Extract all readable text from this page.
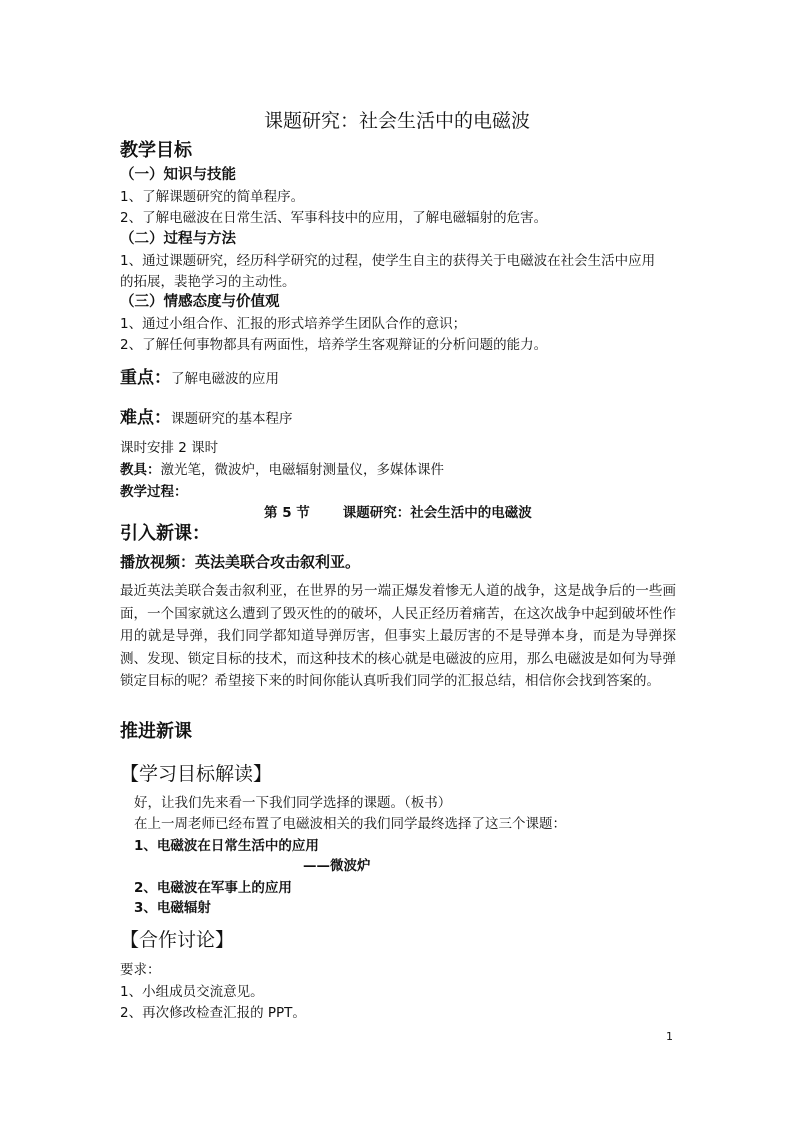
课题研究：社会生活中的电磁波
教学目标
（一）知识与技能
1、了解课题研究的简单程序。
2、了解电磁波在日常生活、军事科技中的应用，了解电磁辐射的危害。
（二）过程与方法
1、通过课题研究，经历科学研究的过程，使学生自主的获得关于电磁波在社会生活中应用
的拓展，裴艳学习的主动性。
（三）情感态度与价值观
1、通过小组合作、汇报的形式培养学生团队合作的意识；
2、了解任何事物都具有两面性，培养学生客观辩证的分析问题的能力。
重点：了解电磁波的应用
难点：课题研究的基本程序
课时安排 2 课时
教具：激光笔，微波炉，电磁辐射测量仪，多媒体课件
教学过程：
第 5 节       课题研究：社会生活中的电磁波
引入新课：
播放视频：英法美联合攻击叙利亚。
最近英法美联合轰击叙利亚，在世界的另一端正爆发着惨无人道的战争，这是战争后的一些画面，一个国家就这么遭到了毁灭性的的破坏，人民正经历着痛苦，在这次战争中起到破坏性作用的就是导弹，我们同学都知道导弹厉害，但事实上最厉害的不是导弹本身，而是为导弹探测、发现、锁定目标的技术，而这种技术的核心就是电磁波的应用，那么电磁波是如何为导弹锁定目标的呢？希望接下来的时间你能认真听我们同学的汇报总结，相信你会找到答案的。
推进新课
【学习目标解读】
好，让我们先来看一下我们同学选择的课题。（板书）
在上一周老师已经布置了电磁波相关的我们同学最终选择了这三个课题：
1、电磁波在日常生活中的应用
——微波炉
2、电磁波在军事上的应用
3、电磁辐射
【合作讨论】
要求：
1、小组成员交流意见。
2、再次修改检查汇报的 PPT。
1
